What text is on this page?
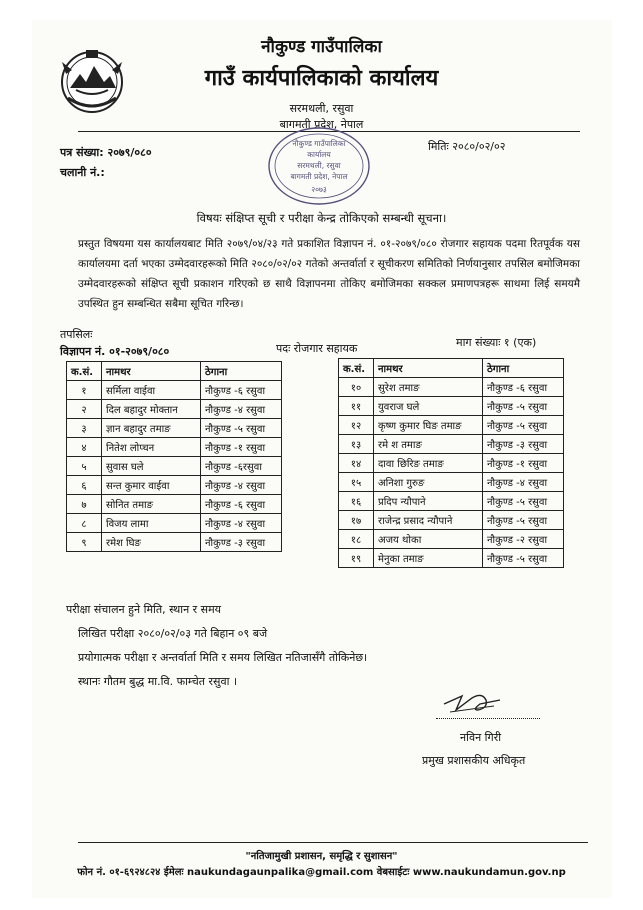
नौकुण्ड गाउँपालिका
गाउँ कार्यपालिकाको कार्यालय
सरमथली, रसुवा
बागमती प्रदेश, नेपाल
नौकुण्ड गाउँपालिका
कार्यालय
सरमथली, रसुवा
बागमती प्रदेश, नेपाल
२०७३
पत्र संख्या: २०७९/०८०
चलानी नं.:
मितिः २०८०/०२/०२
विषयः संक्षिप्त सूची र परीक्षा केन्द्र तोकिएको सम्बन्धी सूचना।
प्रस्तुत विषयमा यस कार्यालयबाट मिति २०७९/०४/२३ गते प्रकाशित विज्ञापन नं. ०१-२०७९/०८० रोजगार सहायक पदमा रितपूर्वक यस कार्यालयमा दर्ता भएका उम्मेदवारहरूको मिति २०८०/०२/०२ गतेको अन्तर्वार्ता र सूचीकरण समितिको निर्णयानुसार तपसिल बमोजिमका उम्मेदवारहरूको संक्षिप्त सूची प्रकाशन गरिएको छ साथै विज्ञापनमा तोकिए बमोजिमका सक्कल प्रमाणपत्रहरू साथमा लिई समयमै उपस्थित हुन सम्बन्धित सबैमा सूचित गरिन्छ।
तपसिलः
विज्ञापन नं. ०१-२०७९/०८०	पदः रोजगार सहायक	माग संख्याः १ (एक)
क.सं.	नामथर	ठेगाना
१	सर्मिला वाईवा	नौकुण्ड -६ रसुवा
२	दिल बहादुर मोक्तान	नौकुण्ड -४ रसुवा
३	ज्ञान बहादुर तमाङ	नौकुण्ड -५ रसुवा
४	नितेश लोप्चन	नौकुण्ड -१ रसुवा
५	सुवास घले	नौकुण्ड -६रसुवा
६	सन्त कुमार वाईवा	नौकुण्ड -४ रसुवा
७	सोनित तमाङ	नौकुण्ड -६ रसुवा
८	विजय लामा	नौकुण्ड -४ रसुवा
९	रमेश घिङ	नौकुण्ड -३ रसुवा
क.सं.	नामथर	ठेगाना
१०	सुरेश तमाङ	नौकुण्ड -६ रसुवा
११	युवराज घले	नौकुण्ड -५ रसुवा
१२	कृष्ण कुमार घिङ तमाङ	नौकुण्ड -५ रसुवा
१३	रमे श तमाङ	नौकुण्ड -३ रसुवा
१४	दावा छिरिङ तमाङ	नौकुण्ड -१ रसुवा
१५	अनिशा गुरुङ	नौकुण्ड -४ रसुवा
१६	प्रदिप न्यौपाने	नौकुण्ड -५ रसुवा
१७	राजेन्द्र प्रसाद न्यौपाने	नौकुण्ड -५ रसुवा
१८	अजय थोका	नौकुण्ड -२ रसुवा
१९	मेनुका तमाङ	नौकुण्ड -५ रसुवा
परीक्षा संचालन हुने मिति, स्थान र समय
लिखित परीक्षा २०८०/०२/०३ गते बिहान ०९ बजे
प्रयोगात्मक परीक्षा र अन्तर्वार्ता मिति र समय लिखित नतिजासँगै तोकिनेछ।
स्थानः गौतम बुद्ध मा.वि. फाम्चेत रसुवा ।
नविन गिरी
प्रमुख प्रशासकीय अधिकृत
"नतिजामुखी प्रशासन, समृद्धि र सुशासन"
फोन नं. ०१-६९२४८२४ ईमेलः naukundagaunpalika@gmail.com वेबसाईटः www.naukundamun.gov.np
